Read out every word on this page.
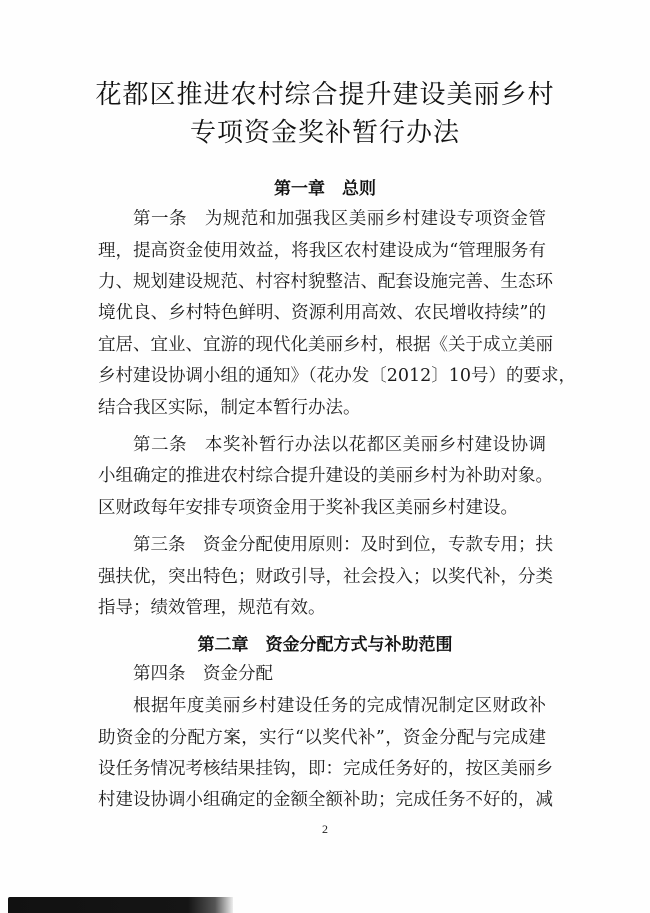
花都区推进农村综合提升建设美丽乡村
专项资金奖补暂行办法
第一章　总则
第一条　为规范和加强我区美丽乡村建设专项资金管
理，提高资金使用效益，将我区农村建设成为“管理服务有
力、规划建设规范、村容村貌整洁、配套设施完善、生态环
境优良、乡村特色鲜明、资源利用高效、农民增收持续”的
宜居、宜业、宜游的现代化美丽乡村，根据《关于成立美丽
乡村建设协调小组的通知》（花办发〔2012〕10号）的要求，
结合我区实际，制定本暂行办法。
第二条　本奖补暂行办法以花都区美丽乡村建设协调
小组确定的推进农村综合提升建设的美丽乡村为补助对象。
区财政每年安排专项资金用于奖补我区美丽乡村建设。
第三条　资金分配使用原则：及时到位，专款专用；扶
强扶优，突出特色；财政引导，社会投入；以奖代补，分类
指导；绩效管理，规范有效。
第二章　资金分配方式与补助范围
第四条　资金分配
根据年度美丽乡村建设任务的完成情况制定区财政补
助资金的分配方案，实行“以奖代补”，资金分配与完成建
设任务情况考核结果挂钩，即：完成任务好的，按区美丽乡
村建设协调小组确定的金额全额补助；完成任务不好的，减
2
